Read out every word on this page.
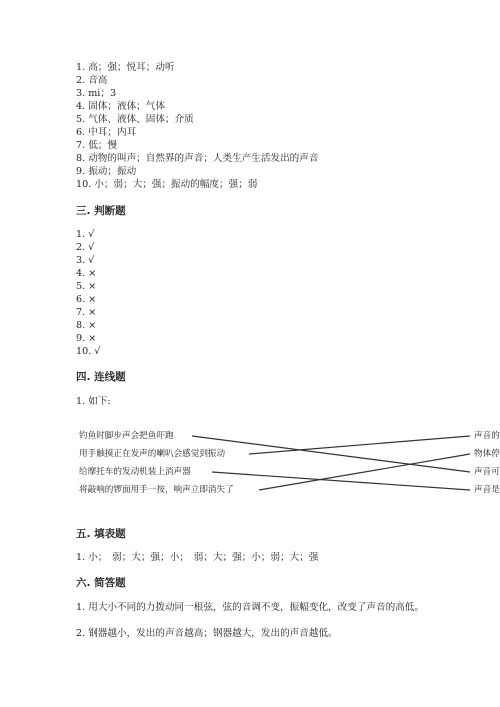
1. 高；强；悦耳；动听
2. 音高
3. mi；3
4. 固体；液体；气体
5. 气体、液体、固体；介质
6. 中耳；内耳
7. 低；慢
8. 动物的叫声；自然界的声音；人类生产生活发出的声音
9. 振动；振动
10. 小；弱；大；强；振动的幅度；强；弱
三. 判断题
1. √
2. √
3. √
4. ×
5. ×
6. ×
7. ×
8. ×
9. ×
10. √
四. 连线题
1. 如下:
钓鱼时脚步声会把鱼吓跑
用手触摸正在发声的喇叭会感觉到振动
给摩托车的发动机装上消声器
将敲响的锣面用手一按，响声立即消失了
声音的
物体停
声音可
声音是
五. 填表题
1. 小；　弱；大；强；小；　弱；大；强；小；弱；大；强
六. 简答题
1. 用大小不同的力拨动同一根弦，弦的音调不变，振幅变化，改变了声音的高低。
2. 钢器越小，发出的声音越高；钢器越大，发出的声音越低。
